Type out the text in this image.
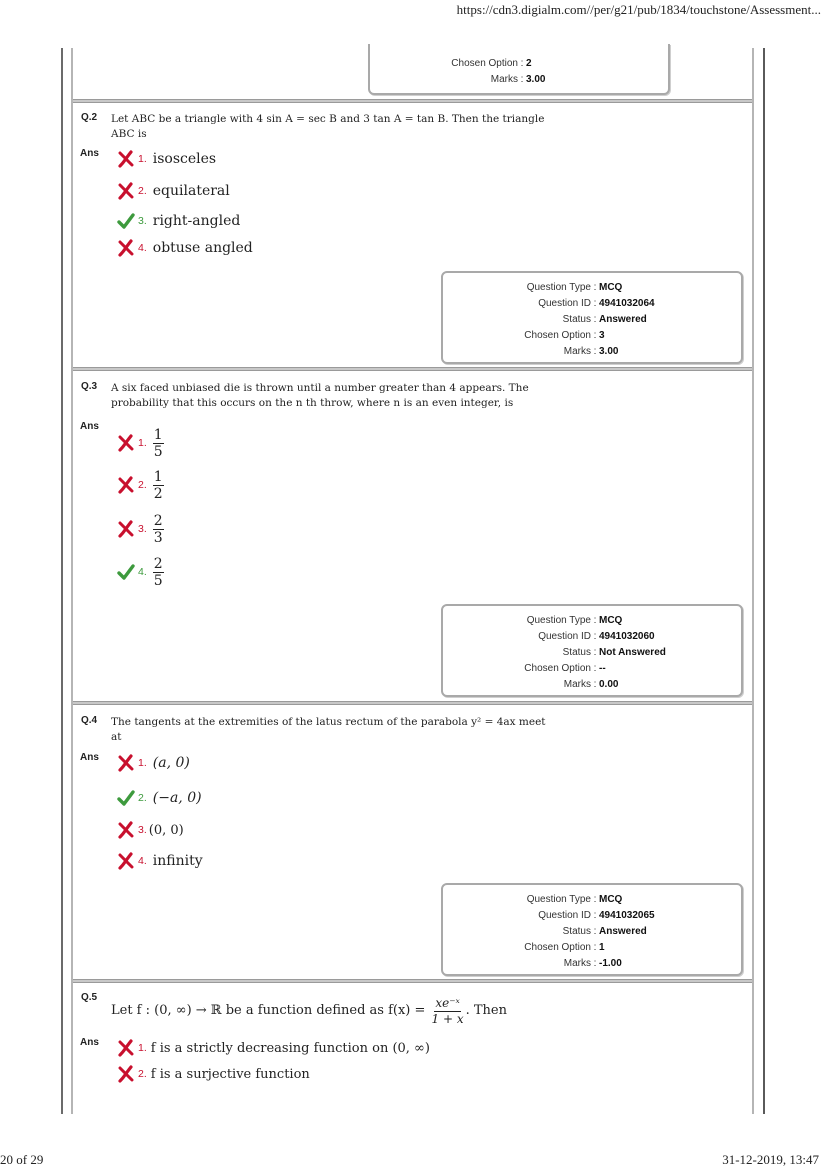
https://cdn3.digialm.com//per/g21/pub/1834/touchstone/Assessment...
Chosen Option : 2
Marks : 3.00
Q.2 Let ABC be a triangle with 4 sin A = sec B and 3 tan A = tan B. Then the triangle ABC is
Ans	1. isosceles
2. equilateral
3. right-angled
4. obtuse angled
Question Type : MCQ
Question ID : 4941032064
Status : Answered
Chosen Option : 3
Marks : 3.00
Q.3 A six faced unbiased die is thrown until a number greater than 4 appears. The
probability that this occurs on the n th throw, where n is an even integer, is
Ans
1. $\frac{1}{5}$
2. $\frac{1}{2}$
3. $\frac{2}{3}$
4. $\frac{2}{5}$
Question Type : MCQ
Question ID : 4941032060
Status : Not Answered
Chosen Option : --
Marks : 0.00
Q.4 The tangents at the extremities of the latus rectum of the parabola y² = 4ax meet
at
Ans	1. (a, 0)
2. (−a, 0)
3. (0, 0)
4. infinity
Question Type : MCQ
Question ID : 4941032065
Status : Answered
Chosen Option : 1
Marks : -1.00
Q.5
Let f : (0, ∞) → ℝ be a function defined as $f(x) = \frac{\text{xe⁻ˣ}}{1 + x}$ . Then
Ans	1. f is a strictly decreasing function on (0, ∞)
2. f is a surjective function
20 of 29	31-12-2019, 13:47
